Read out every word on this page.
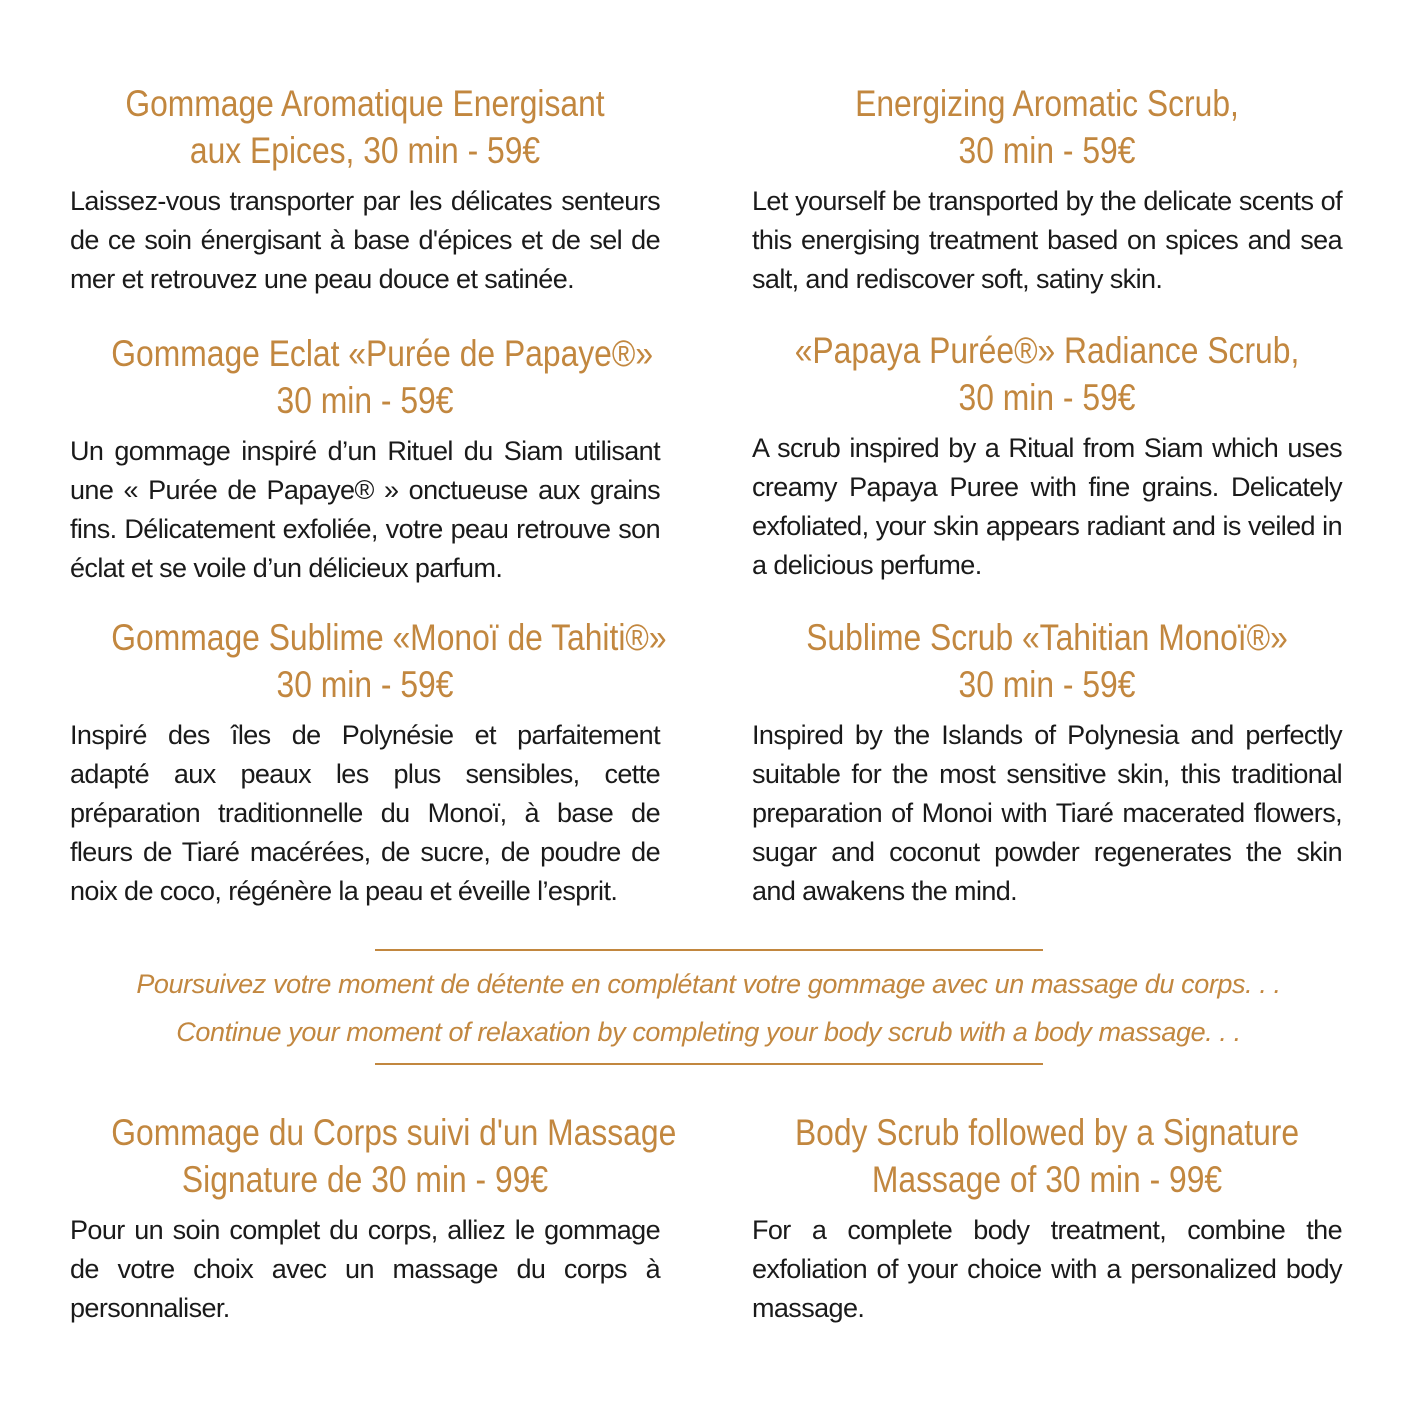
Gommage Aromatique Energisant
aux Epices, 30 min - 59€

Laissez-vous transporter par les délicates senteurs de ce soin énergisant à base d'épices et de sel de mer et retrouvez une peau douce et satinée.

Gommage Eclat «Purée de Papaye®»
30 min - 59€

Un gommage inspiré d’un Rituel du Siam utilisant une « Purée de Papaye® » onctueuse aux grains fins. Délicatement exfoliée, votre peau retrouve son éclat et se voile d’un délicieux parfum.

Gommage Sublime «Monoï de Tahiti®»
30 min - 59€

Inspiré des îles de Polynésie et parfaitement adapté aux peaux les plus sensibles, cette préparation traditionnelle du Monoï, à base de fleurs de Tiaré macérées, de sucre, de poudre de noix de coco, régénère la peau et éveille l’esprit.

Gommage du Corps suivi d'un Massage
Signature de 30 min - 99€

Pour un soin complet du corps, alliez le gommage de votre choix avec un massage du corps à personnaliser.

Energizing Aromatic Scrub,
30 min - 59€

Let yourself be transported by the delicate scents of this energising treatment based on spices and sea salt, and rediscover soft, satiny skin.

«Papaya Purée®» Radiance Scrub,
30 min - 59€

A scrub inspired by a Ritual from Siam which uses creamy Papaya Puree with fine grains. Delicately exfoliated, your skin appears radiant and is veiled in a delicious perfume.

Sublime Scrub «Tahitian Monoï®»
30 min - 59€

Inspired by the Islands of Polynesia and perfectly suitable for the most sensitive skin, this traditional preparation of Monoi with Tiaré macerated flowers, sugar and coconut powder regenerates the skin and awakens the mind.

Body Scrub followed by a Signature
Massage of 30 min - 99€

For a complete body treatment, combine the exfoliation of your choice with a personalized body massage.

Poursuivez votre moment de détente en complétant votre gommage avec un massage du corps. . .
Continue your moment of relaxation by completing your body scrub with a body massage. . .
